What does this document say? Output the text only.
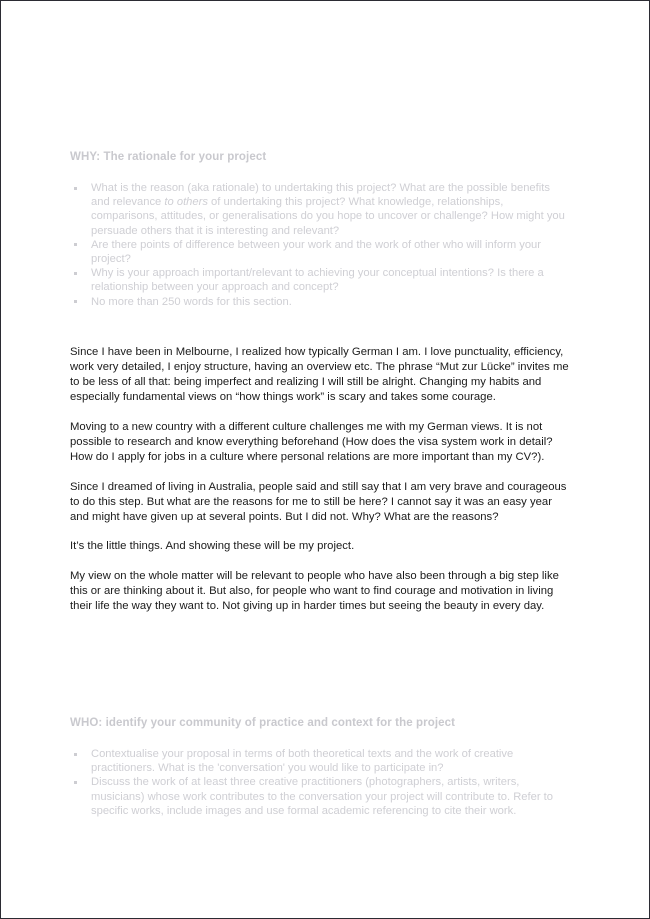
WHY: The rationale for your project

What is the reason (aka rationale) to undertaking this project? What are the possible benefits and relevance to others of undertaking this project? What knowledge, relationships, comparisons, attitudes, or generalisations do you hope to uncover or challenge? How might you persuade others that it is interesting and relevant?
Are there points of difference between your work and the work of other who will inform your project?
Why is your approach important/relevant to achieving your conceptual intentions? Is there a relationship between your approach and concept?
No more than 250 words for this section.

Since I have been in Melbourne, I realized how typically German I am. I love punctuality, efficiency, work very detailed, I enjoy structure, having an overview etc. The phrase “Mut zur Lücke” invites me to be less of all that: being imperfect and realizing I will still be alright. Changing my habits and especially fundamental views on “how things work” is scary and takes some courage.

Moving to a new country with a different culture challenges me with my German views. It is not possible to research and know everything beforehand (How does the visa system work in detail? How do I apply for jobs in a culture where personal relations are more important than my CV?).

Since I dreamed of living in Australia, people said and still say that I am very brave and courageous to do this step. But what are the reasons for me to still be here? I cannot say it was an easy year and might have given up at several points. But I did not. Why? What are the reasons?

It’s the little things. And showing these will be my project.

My view on the whole matter will be relevant to people who have also been through a big step like this or are thinking about it. But also, for people who want to find courage and motivation in living their life the way they want to. Not giving up in harder times but seeing the beauty in every day.

WHO: identify your community of practice and context for the project

Contextualise your proposal in terms of both theoretical texts and the work of creative practitioners. What is the 'conversation' you would like to participate in?
Discuss the work of at least three creative practitioners (photographers, artists, writers, musicians) whose work contributes to the conversation your project will contribute to. Refer to specific works, include images and use formal academic referencing to cite their work.
